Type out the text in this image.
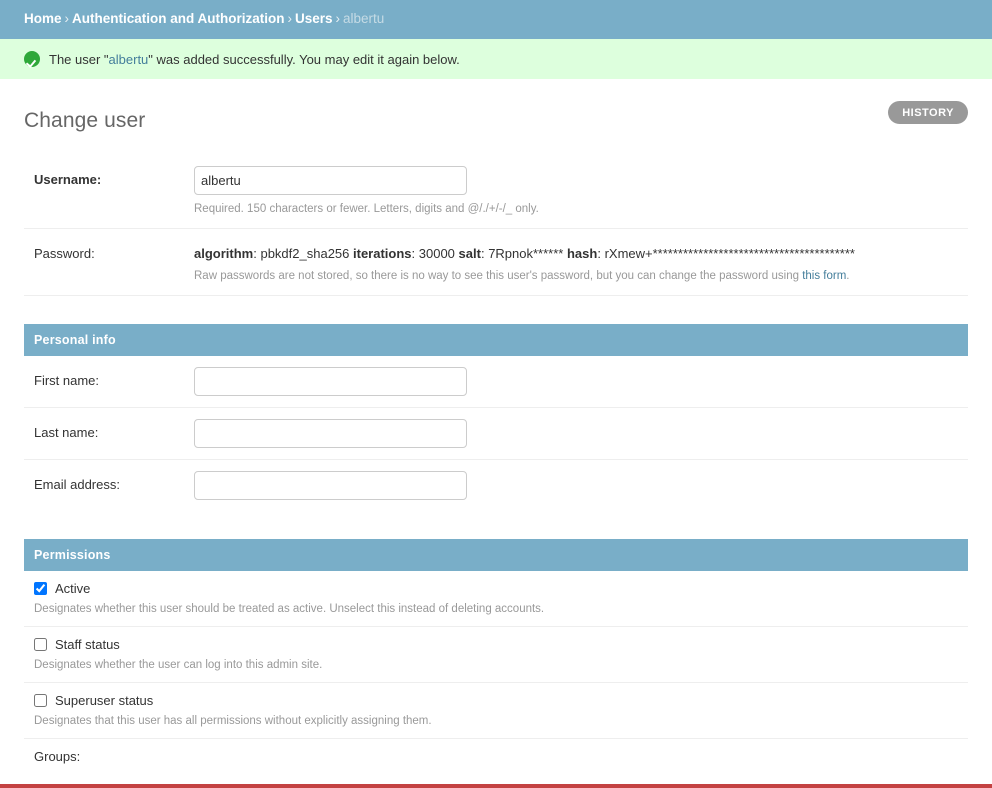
Home › Authentication and Authorization › Users › albertu
The user "albertu" was added successfully. You may edit it again below.
Change user	HISTORY
Username:
albertu
Required. 150 characters or fewer. Letters, digits and @/./+/-/_ only.
Password:	algorithm: pbkdf2_sha256 iterations: 30000 salt: 7Rpnok****** hash: rXmew+****************************************
Raw passwords are not stored, so there is no way to see this user's password, but you can change the password using this form.
Personal info
First name:
Last name:
Email address:
Permissions
Active
Designates whether this user should be treated as active. Unselect this instead of deleting accounts.
Staff status
Designates whether the user can log into this admin site.
Superuser status
Designates that this user has all permissions without explicitly assigning them.
Groups:
